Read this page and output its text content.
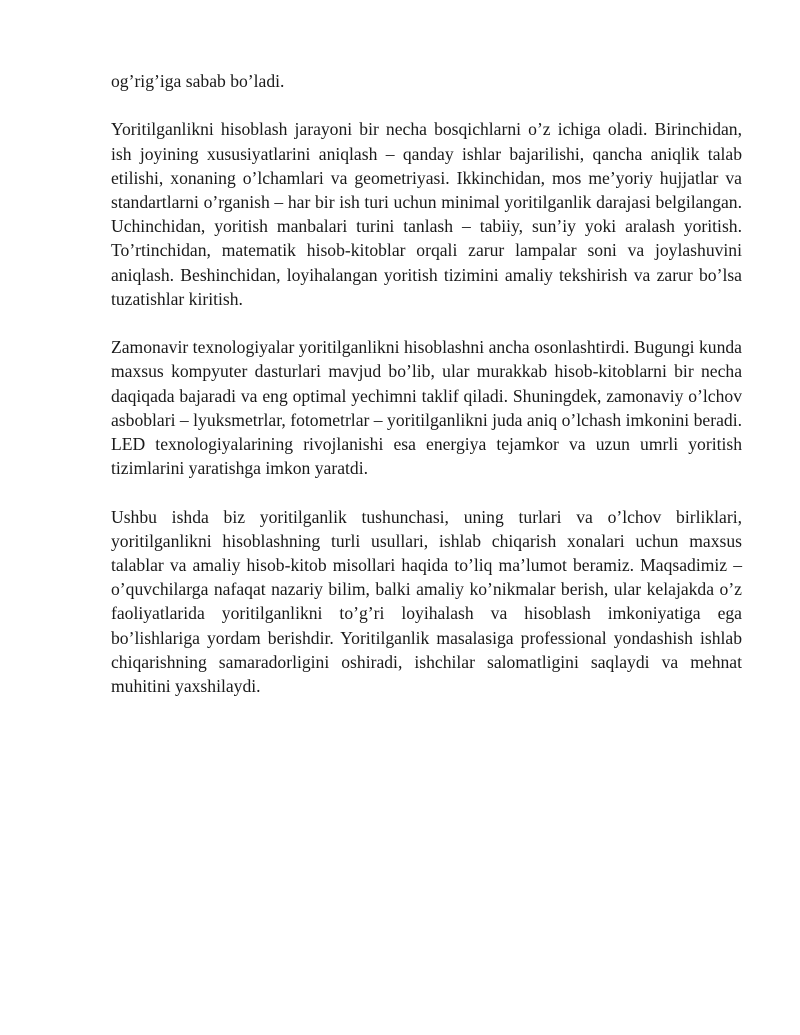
og’rig’iga sabab bo’ladi.

Yoritilganlikni hisoblash jarayoni bir necha bosqichlarni o’z ichiga oladi. Birinchidan, ish joyining xususiyatlarini aniqlash – qanday ishlar bajarilishi, qancha aniqlik talab etilishi, xonaning o’lchamlari va geometriyasi. Ikkinchidan, mos me’yoriy hujjatlar va standartlarni o’rganish – har bir ish turi uchun minimal yoritilganlik darajasi belgilangan. Uchinchidan, yoritish manbalari turini tanlash – tabiiy, sun’iy yoki aralash yoritish. To’rtinchidan, matematik hisob-kitoblar orqali zarur lampalar soni va joylashuvini aniqlash. Beshinchidan, loyihalangan yoritish tizimini amaliy tekshirish va zarur bo’lsa tuzatishlar kiritish.

Zamonavir texnologiyalar yoritilganlikni hisoblashni ancha osonlashtirdi. Bugungi kunda maxsus kompyuter dasturlari mavjud bo’lib, ular murakkab hisob-kitoblarni bir necha daqiqada bajaradi va eng optimal yechimni taklif qiladi. Shuningdek, zamonaviy o’lchov asboblari – lyuksmetrlar, fotometrlar – yoritilganlikni juda aniq o’lchash imkonini beradi. LED texnologiyalarining rivojlanishi esa energiya tejamkor va uzun umrli yoritish tizimlarini yaratishga imkon yaratdi.

Ushbu ishda biz yoritilganlik tushunchasi, uning turlari va o’lchov birliklari, yoritilganlikni hisoblashning turli usullari, ishlab chiqarish xonalari uchun maxsus talablar va amaliy hisob-kitob misollari haqida to’liq ma’lumot beramiz. Maqsadimiz – o’quvchilarga nafaqat nazariy bilim, balki amaliy ko’nikmalar berish, ular kelajakda o’z faoliyatlarida yoritilganlikni to’g’ri loyihalash va hisoblash imkoniyatiga ega bo’lishlariga yordam berishdir. Yoritilganlik masalasiga professional yondashish ishlab chiqarishning samaradorligini oshiradi, ishchilar salomatligini saqlaydi va mehnat muhitini yaxshilaydi.
